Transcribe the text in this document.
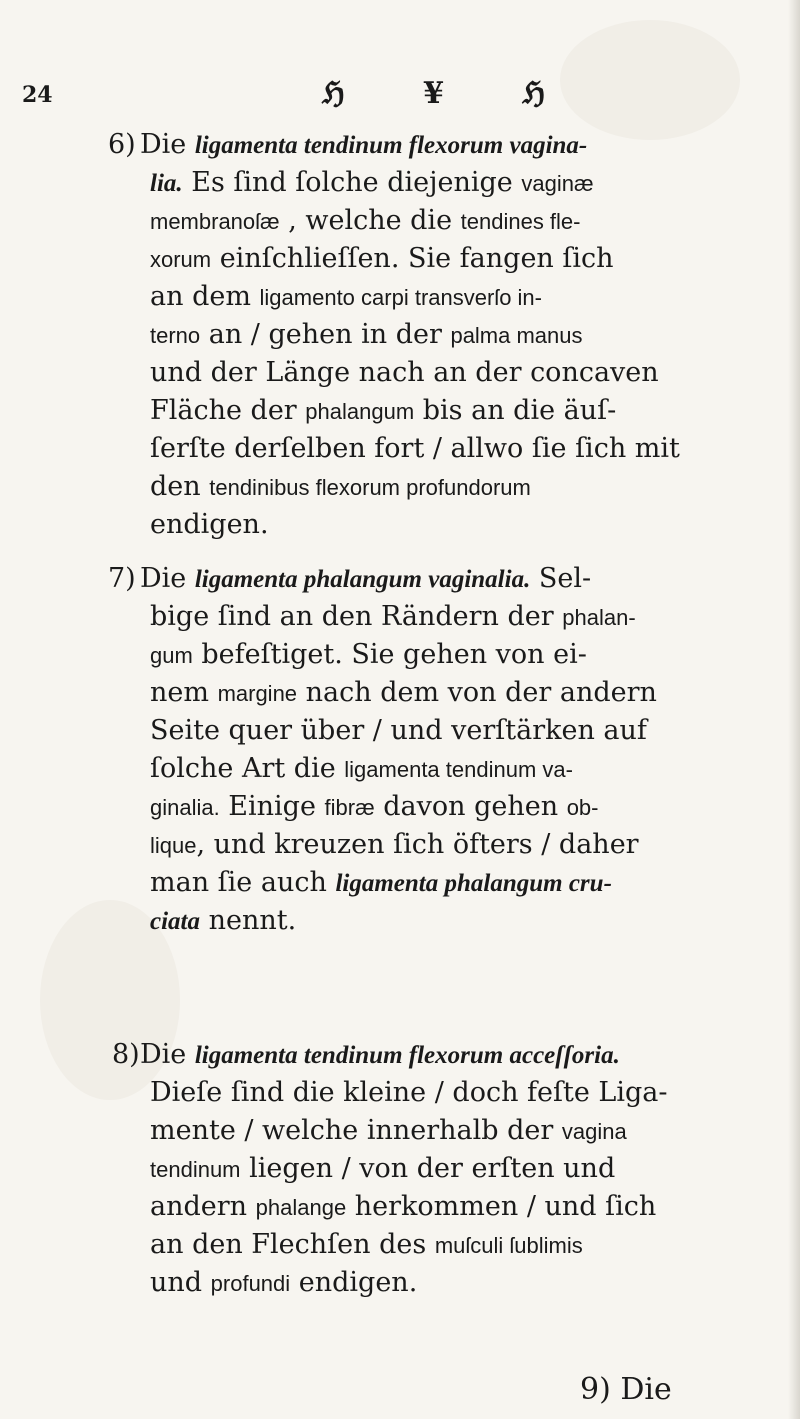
24	ℌ ¥ ℌ
6) Die ligamenta tendinum flexorum vagina-
lia. Es ſind ſolche diejenige vaginæ
membranoſæ , welche die tendines fle-
xorum einſchlieſſen. Sie fangen ſich
an dem ligamento carpi transverſo in-
terno an / gehen in der palma manus
und der Länge nach an der concaven
Fläche der phalangum bis an die äuſ-
ſerſte derſelben fort / allwo ſie ſich mit
den tendinibus flexorum profundorum
endigen.
7) Die ligamenta phalangum vaginalia. Sel-
bige ſind an den Rändern der phalan-
gum befeſtiget. Sie gehen von ei-
nem margine nach dem von der andern
Seite quer über / und verſtärken auf
ſolche Art die ligamenta tendinum va-
ginalia. Einige fibræ davon gehen ob-
lique, und kreuzen ſich öfters / daher
man ſie auch ligamenta phalangum cru-
ciata nennt.
8) Die ligamenta tendinum flexorum acceſſoria.
Dieſe ſind die kleine / doch feſte Liga-
mente / welche innerhalb der vagina
tendinum liegen / von der erſten und
andern phalange herkommen / und ſich
an den Flechſen des muſculi ſublimis
und profundi endigen.
9) Die
